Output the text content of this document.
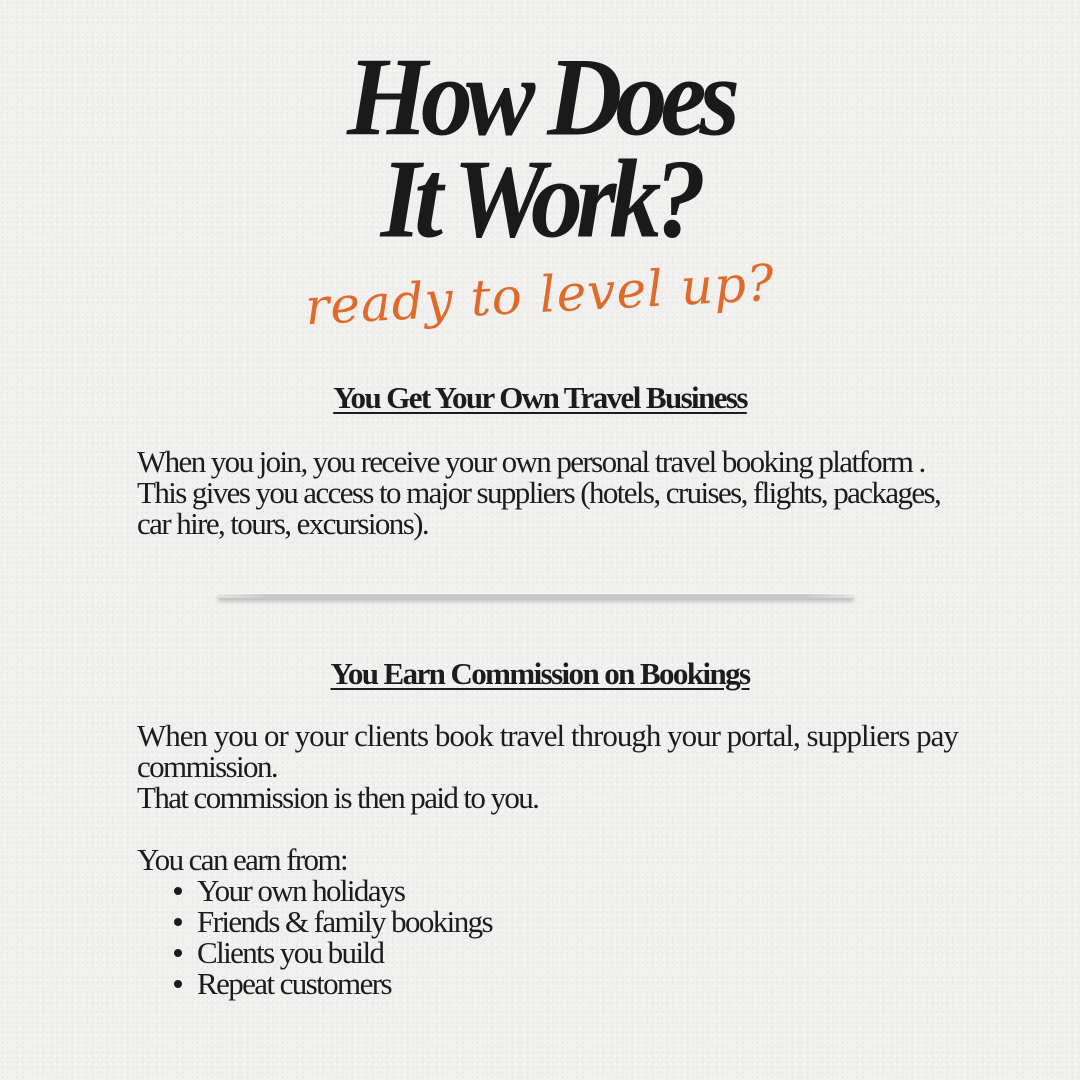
How Does
It Work?
ready to level up?
You Get Your Own Travel Business

When you join, you receive your own personal travel booking platform .
This gives you access to major suppliers (hotels, cruises, flights, packages,
car hire, tours, excursions).

You Earn Commission on Bookings

When you or your clients book travel through your portal, suppliers pay
commission.

That commission is then paid to you.

You can earn from:

Your own holidays
Friends & family bookings
Clients you build
Repeat customers
